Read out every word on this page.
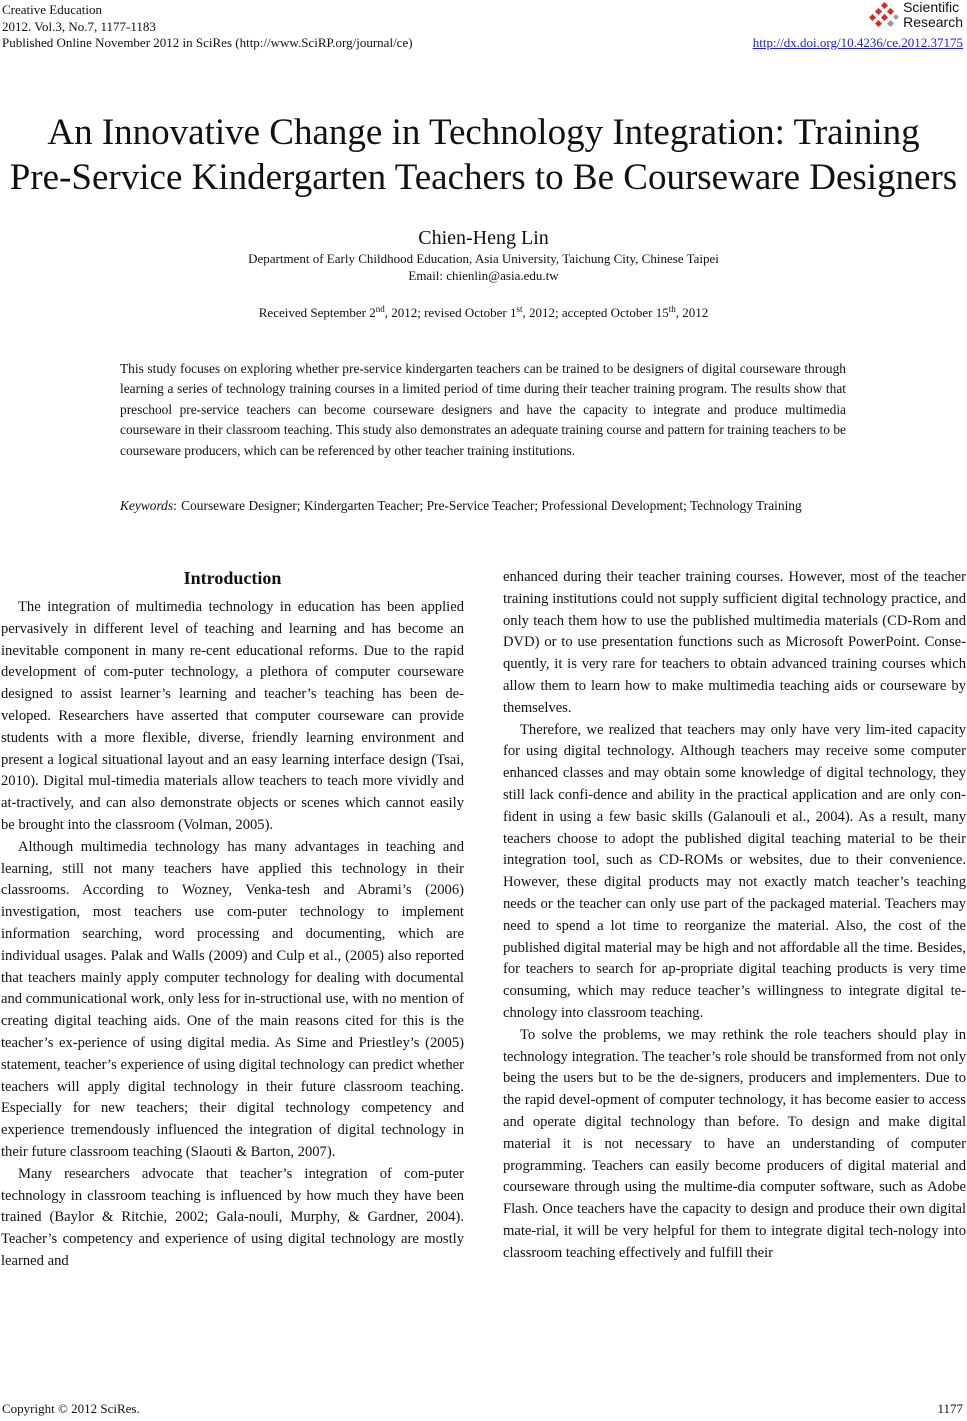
Creative Education
2012. Vol.3, No.7, 1177-1183
Published Online November 2012 in SciRes (http://www.SciRP.org/journal/ce)
Scientific
Research
http://dx.doi.org/10.4236/ce.2012.37175
An Innovative Change in Technology Integration: Training
Pre-Service Kindergarten Teachers to Be Courseware Designers
Chien-Heng Lin
Department of Early Childhood Education, Asia University, Taichung City, Chinese Taipei
Email: chienlin@asia.edu.tw
Received September 2nd, 2012; revised October 1st, 2012; accepted October 15th, 2012
This study focuses on exploring whether pre-service kindergarten teachers can be trained to be designers of digital courseware through learning a series of technology training courses in a limited period of time during their teacher training program. The results show that preschool pre-service teachers can become courseware designers and have the capacity to integrate and produce multimedia courseware in their classroom teaching. This study also demonstrates an adequate training course and pattern for training teachers to be courseware producers, which can be referenced by other teacher training institutions.
Keywords : Courseware Designer; Kindergarten Teacher; Pre-Service Teacher; Professional Development; Technology Training
Introduction

The integration of multimedia technology in education has been applied pervasively in different level of teaching and learning and has become an inevitable component in many re-cent educational reforms. Due to the rapid development of com-puter technology, a plethora of computer courseware designed to assist learner’s learning and teacher’s teaching has been de-veloped. Researchers have asserted that computer courseware can provide students with a more flexible, diverse, friendly learning environment and present a logical situational layout and an easy learning interface design (Tsai, 2010). Digital mul-timedia materials allow teachers to teach more vividly and at-tractively, and can also demonstrate objects or scenes which cannot easily be brought into the classroom (Volman, 2005).

Although multimedia technology has many advantages in teaching and learning, still not many teachers have applied this technology in their classrooms. According to Wozney, Venka-tesh and Abrami’s (2006) investigation, most teachers use com-puter technology to implement information searching, word processing and documenting, which are individual usages. Palak and Walls (2009) and Culp et al., (2005) also reported that teachers mainly apply computer technology for dealing with documental and communicational work, only less for in-structional use, with no mention of creating digital teaching aids. One of the main reasons cited for this is the teacher’s ex-perience of using digital media. As Sime and Priestley’s (2005) statement, teacher’s experience of using digital technology can predict whether teachers will apply digital technology in their future classroom teaching. Especially for new teachers; their digital technology competency and experience tremendously influenced the integration of digital technology in their future classroom teaching (Slaouti & Barton, 2007).

Many researchers advocate that teacher’s integration of com-puter technology in classroom teaching is influenced by how much they have been trained (Baylor & Ritchie, 2002; Gala-nouli, Murphy, & Gardner, 2004). Teacher’s competency and experience of using digital technology are mostly learned and

enhanced during their teacher training courses. However, most of the teacher training institutions could not supply sufficient digital technology practice, and only teach them how to use the published multimedia materials (CD-Rom and DVD) or to use presentation functions such as Microsoft PowerPoint. Conse-quently, it is very rare for teachers to obtain advanced training courses which allow them to learn how to make multimedia teaching aids or courseware by themselves.

Therefore, we realized that teachers may only have very lim-ited capacity for using digital technology. Although teachers may receive some computer enhanced classes and may obtain some knowledge of digital technology, they still lack confi-dence and ability in the practical application and are only con-fident in using a few basic skills (Galanouli et al., 2004). As a result, many teachers choose to adopt the published digital teaching material to be their integration tool, such as CD-ROMs or websites, due to their convenience. However, these digital products may not exactly match teacher’s teaching needs or the teacher can only use part of the packaged material. Teachers may need to spend a lot time to reorganize the material. Also, the cost of the published digital material may be high and not affordable all the time. Besides, for teachers to search for ap-propriate digital teaching products is very time consuming, which may reduce teacher’s willingness to integrate digital te-chnology into classroom teaching.

To solve the problems, we may rethink the role teachers should play in technology integration. The teacher’s role should be transformed from not only being the users but to be the de-signers, producers and implementers. Due to the rapid devel-opment of computer technology, it has become easier to access and operate digital technology than before. To design and make digital material it is not necessary to have an understanding of computer programming. Teachers can easily become producers of digital material and courseware through using the multime-dia computer software, such as Adobe Flash. Once teachers have the capacity to design and produce their own digital mate-rial, it will be very helpful for them to integrate digital tech-nology into classroom teaching effectively and fulfill their

Copyright © 2012 SciRes.	1177
